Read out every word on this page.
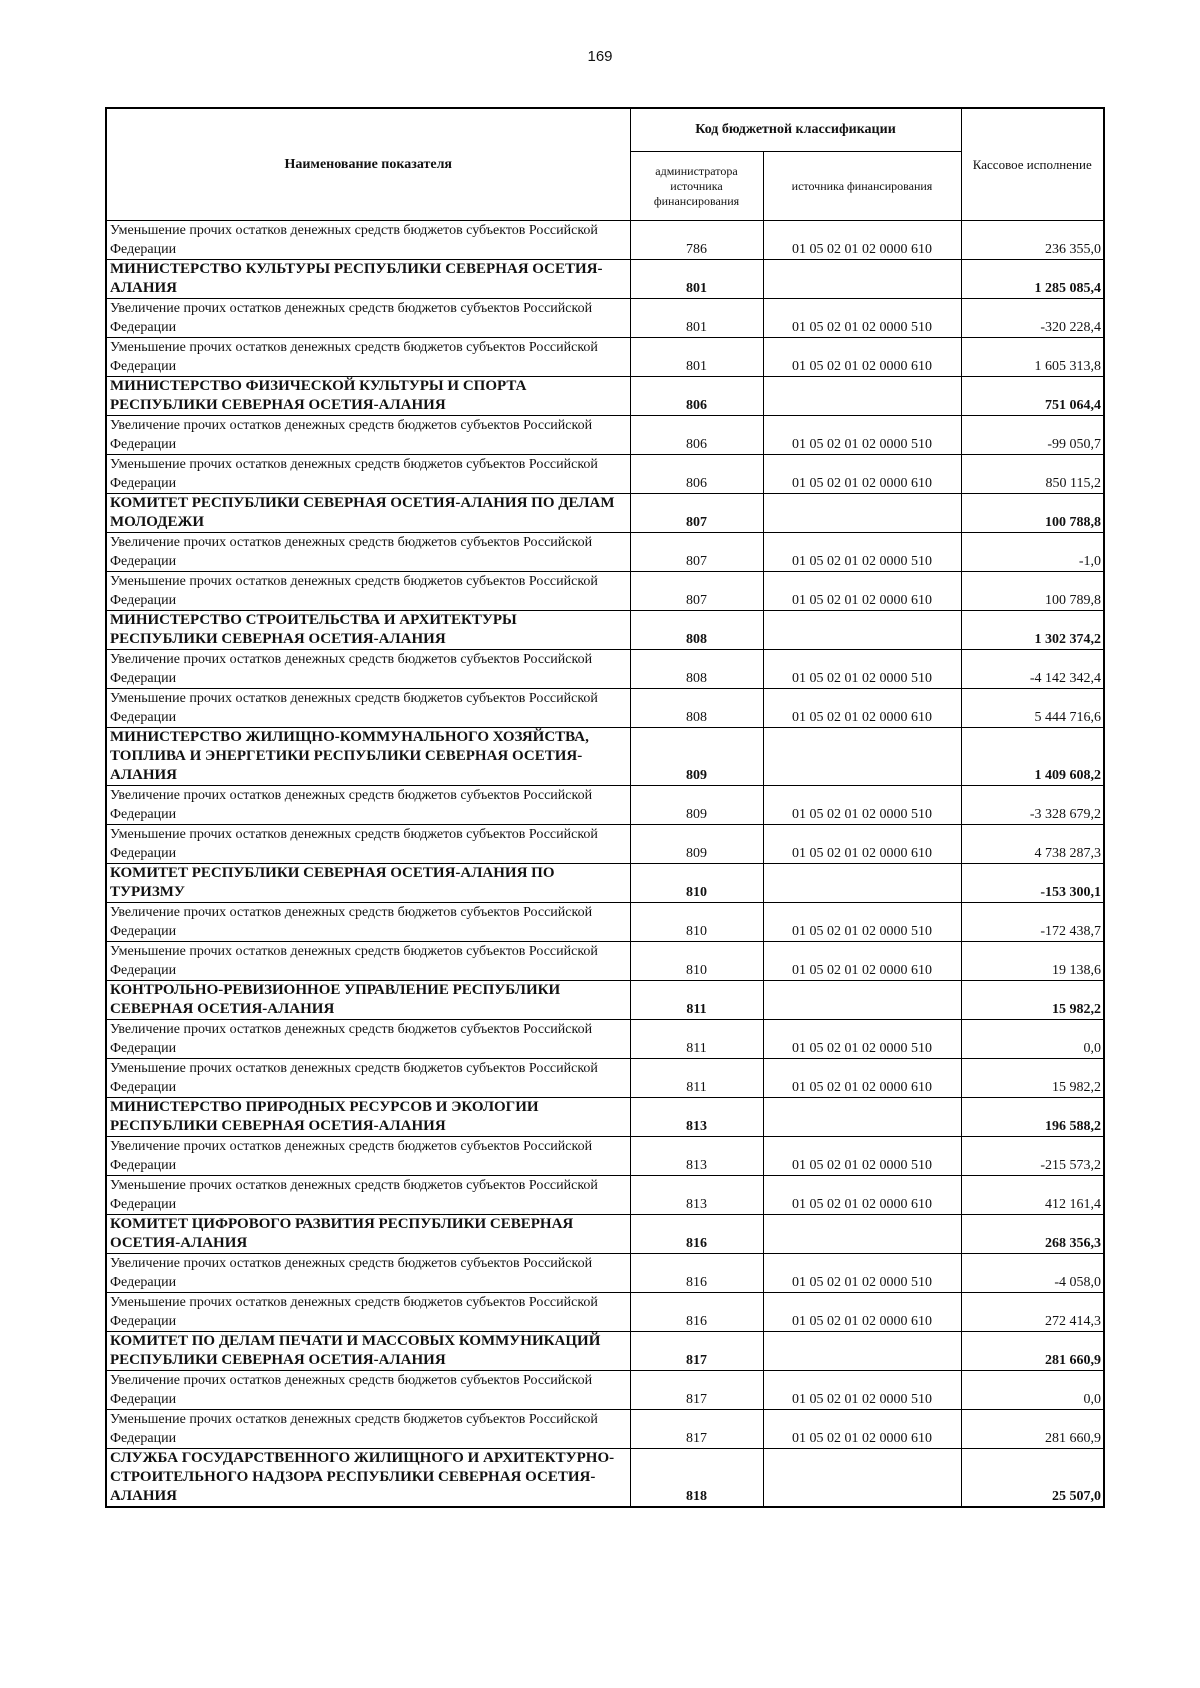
169
Наименование показателя	Код бюджетной классификации		Кассовое исполнение
	администратора источника финансирования	источника финансирования	
Уменьшение прочих остатков денежных средств бюджетов субъектов Российской Федерации	786	01 05 02 01 02 0000 610	236 355,0
МИНИСТЕРСТВО КУЛЬТУРЫ РЕСПУБЛИКИ СЕВЕРНАЯ ОСЕТИЯ-АЛАНИЯ	801		1 285 085,4
Увеличение прочих остатков денежных средств бюджетов субъектов Российской Федерации	801	01 05 02 01 02 0000 510	-320 228,4
Уменьшение прочих остатков денежных средств бюджетов субъектов Российской Федерации	801	01 05 02 01 02 0000 610	1 605 313,8
МИНИСТЕРСТВО ФИЗИЧЕСКОЙ КУЛЬТУРЫ И СПОРТА РЕСПУБЛИКИ СЕВЕРНАЯ ОСЕТИЯ-АЛАНИЯ	806		751 064,4
Увеличение прочих остатков денежных средств бюджетов субъектов Российской Федерации	806	01 05 02 01 02 0000 510	-99 050,7
Уменьшение прочих остатков денежных средств бюджетов субъектов Российской Федерации	806	01 05 02 01 02 0000 610	850 115,2
КОМИТЕТ РЕСПУБЛИКИ СЕВЕРНАЯ ОСЕТИЯ-АЛАНИЯ ПО ДЕЛАМ МОЛОДЕЖИ	807		100 788,8
Увеличение прочих остатков денежных средств бюджетов субъектов Российской Федерации	807	01 05 02 01 02 0000 510	-1,0
Уменьшение прочих остатков денежных средств бюджетов субъектов Российской Федерации	807	01 05 02 01 02 0000 610	100 789,8
МИНИСТЕРСТВО СТРОИТЕЛЬСТВА И АРХИТЕКТУРЫ РЕСПУБЛИКИ СЕВЕРНАЯ ОСЕТИЯ-АЛАНИЯ	808		1 302 374,2
Увеличение прочих остатков денежных средств бюджетов субъектов Российской Федерации	808	01 05 02 01 02 0000 510	-4 142 342,4
Уменьшение прочих остатков денежных средств бюджетов субъектов Российской Федерации	808	01 05 02 01 02 0000 610	5 444 716,6
МИНИСТЕРСТВО ЖИЛИЩНО-КОММУНАЛЬНОГО ХОЗЯЙСТВА, ТОПЛИВА И ЭНЕРГЕТИКИ РЕСПУБЛИКИ СЕВЕРНАЯ ОСЕТИЯ-АЛАНИЯ	809		1 409 608,2
Увеличение прочих остатков денежных средств бюджетов субъектов Российской Федерации	809	01 05 02 01 02 0000 510	-3 328 679,2
Уменьшение прочих остатков денежных средств бюджетов субъектов Российской Федерации	809	01 05 02 01 02 0000 610	4 738 287,3
КОМИТЕТ РЕСПУБЛИКИ СЕВЕРНАЯ ОСЕТИЯ-АЛАНИЯ ПО ТУРИЗМУ	810		-153 300,1
Увеличение прочих остатков денежных средств бюджетов субъектов Российской Федерации	810	01 05 02 01 02 0000 510	-172 438,7
Уменьшение прочих остатков денежных средств бюджетов субъектов Российской Федерации	810	01 05 02 01 02 0000 610	19 138,6
КОНТРОЛЬНО-РЕВИЗИОННОЕ УПРАВЛЕНИЕ РЕСПУБЛИКИ СЕВЕРНАЯ ОСЕТИЯ-АЛАНИЯ	811		15 982,2
Увеличение прочих остатков денежных средств бюджетов субъектов Российской Федерации	811	01 05 02 01 02 0000 510	0,0
Уменьшение прочих остатков денежных средств бюджетов субъектов Российской Федерации	811	01 05 02 01 02 0000 610	15 982,2
МИНИСТЕРСТВО ПРИРОДНЫХ РЕСУРСОВ И ЭКОЛОГИИ РЕСПУБЛИКИ СЕВЕРНАЯ ОСЕТИЯ-АЛАНИЯ	813		196 588,2
Увеличение прочих остатков денежных средств бюджетов субъектов Российской Федерации	813	01 05 02 01 02 0000 510	-215 573,2
Уменьшение прочих остатков денежных средств бюджетов субъектов Российской Федерации	813	01 05 02 01 02 0000 610	412 161,4
КОМИТЕТ ЦИФРОВОГО РАЗВИТИЯ РЕСПУБЛИКИ СЕВЕРНАЯ ОСЕТИЯ-АЛАНИЯ	816		268 356,3
Увеличение прочих остатков денежных средств бюджетов субъектов Российской Федерации	816	01 05 02 01 02 0000 510	-4 058,0
Уменьшение прочих остатков денежных средств бюджетов субъектов Российской Федерации	816	01 05 02 01 02 0000 610	272 414,3
КОМИТЕТ ПО ДЕЛАМ ПЕЧАТИ И МАССОВЫХ КОММУНИКАЦИЙ РЕСПУБЛИКИ СЕВЕРНАЯ ОСЕТИЯ-АЛАНИЯ	817		281 660,9
Увеличение прочих остатков денежных средств бюджетов субъектов Российской Федерации	817	01 05 02 01 02 0000 510	0,0
Уменьшение прочих остатков денежных средств бюджетов субъектов Российской Федерации	817	01 05 02 01 02 0000 610	281 660,9
СЛУЖБА ГОСУДАРСТВЕННОГО ЖИЛИЩНОГО И АРХИТЕКТУРНО-СТРОИТЕЛЬНОГО НАДЗОРА РЕСПУБЛИКИ СЕВЕРНАЯ ОСЕТИЯ-АЛАНИЯ	818		25 507,0
